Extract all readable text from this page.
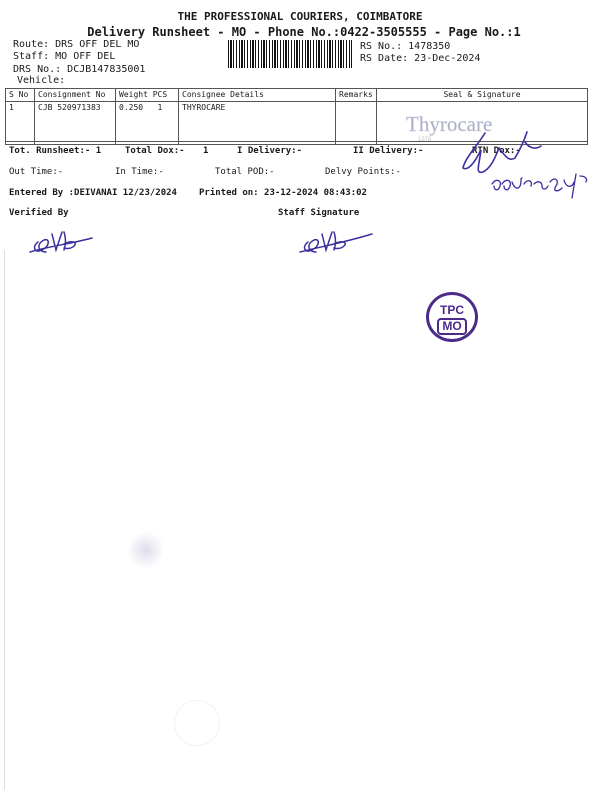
THE PROFESSIONAL COURIERS, COIMBATORE
Delivery Runsheet - MO - Phone No.:0422-3505555 - Page No.:1
Route: DRS OFF DEL MO
Staff: MO OFF DEL
DRS No.: DCJB147835001
Vehicle:
RS No.: 1478350
RS Date: 23-Dec-2024
S No	Consignment No	Weight PCS	Consignee Details	Remarks	Seal & Signature
1	CJB 520971383	0.250   1	THYROCARE		
Thyrocare
1978
Tot. Runsheet:- 1	Total Dox:- 1	I Delivery:-	II Delivery:-	RTN Dox:-
Out Time:-	In Time:-	Total POD:-	Delvy Points:-
Entered By :DEIVANAI 12/23/2024 Printed on: 23-12-2024 08:43:02
Verified By	Staff Signature
TPC
MO
